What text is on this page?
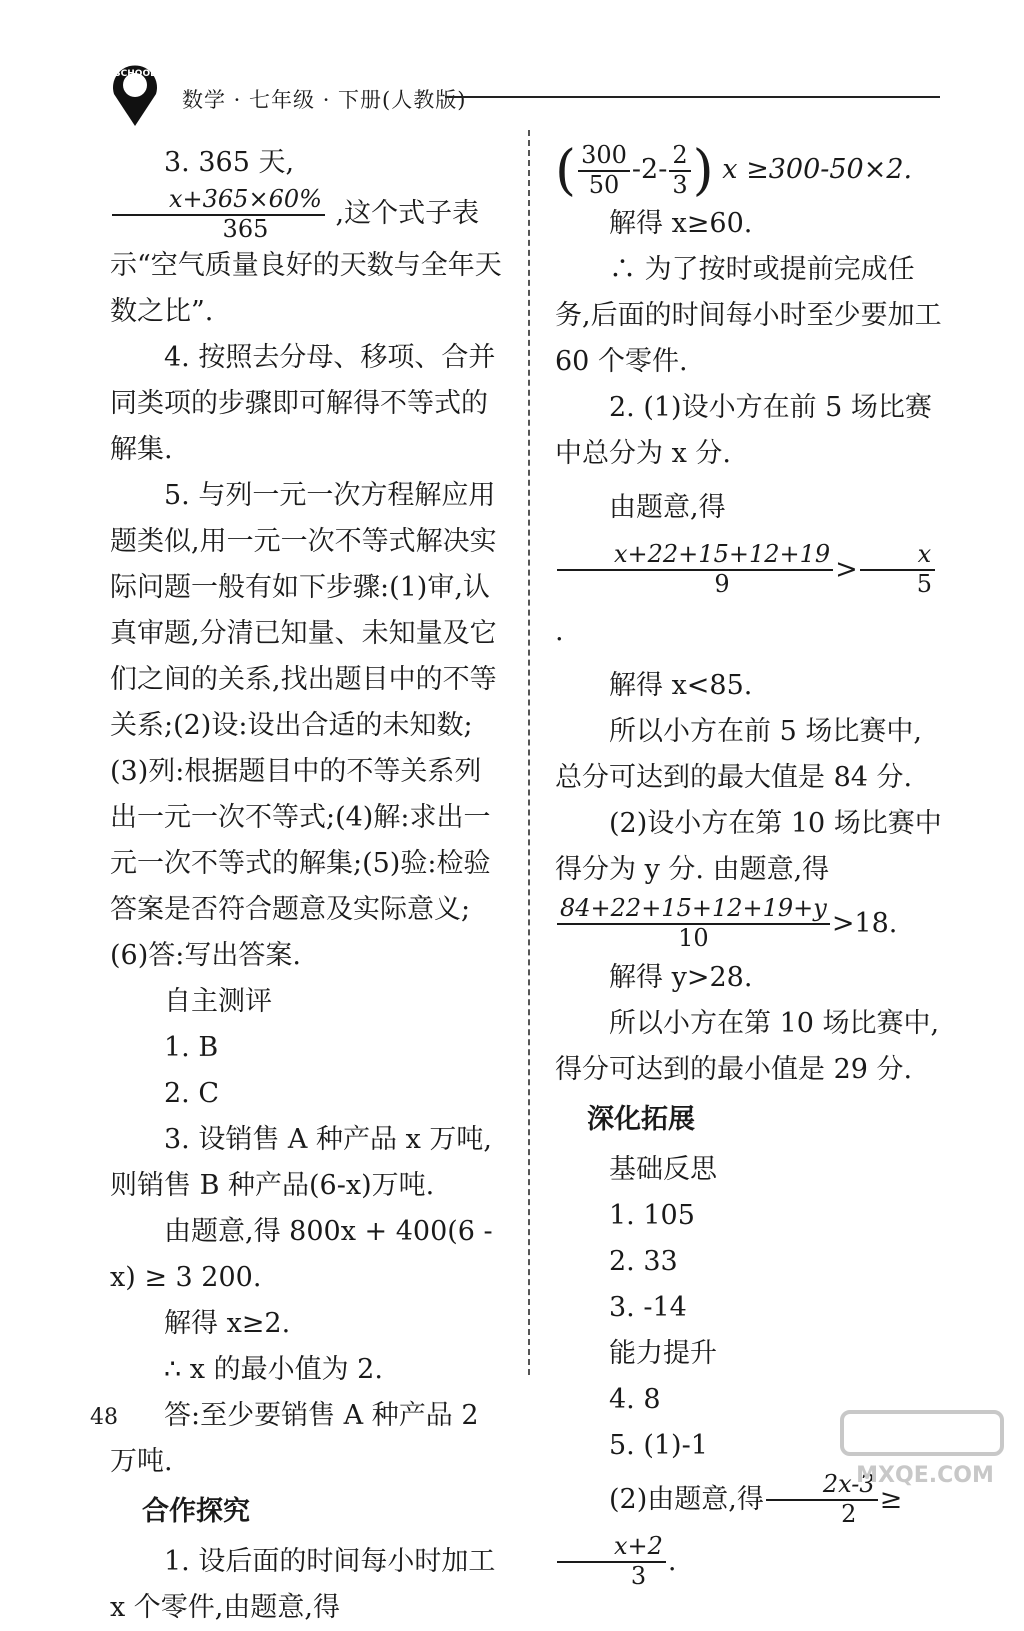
SCHOOL
数学 · 七年级 · 下册(人教版)

3. 365 天,
$\frac{x+365\times 60\%}{365}$ ,这个式子表示“空气质量良好的天数与全年天数之比”.

4. 按照去分母、移项、合并同类项的步骤即可解得不等式的解集.

5. 与列一元一次方程解应用题类似,用一元一次不等式解决实际问题一般有如下步骤:(1)审,认真审题,分清已知量、未知量及它们之间的关系,找出题目中的不等关系;(2)设:设出合适的未知数;(3)列:根据题目中的不等关系列出一元一次不等式;(4)解:求出一元一次不等式的解集;(5)验:检验答案是否符合题意及实际意义;(6)答:写出答案.

自主测评

1. B

2. C

3. 设销售 A 种产品 x 万吨,则销售 B 种产品(6-x)万吨.

由题意,得 800x + 400(6 - x) ≥ 3 200.

解得 x≥2.

∴ x 的最小值为 2.

答:至少要销售 A 种产品 2 万吨.

合作探究

1. 设后面的时间每小时加工 x 个零件,由题意,得

( $\frac{300}{50} -2- \frac{2}{3}$ ) x ≥300-50×2.

解得 x≥60.

∴ 为了按时或提前完成任务,后面的时间每小时至少要加工 60 个零件.

2. (1)设小方在前 5 场比赛中总分为 x 分.

由题意,得
$\frac{x+22+15+12+19}{9} > \frac{x}{5}$
.

解得 x<85.

所以小方在前 5 场比赛中,总分可达到的最大值是 84 分.

(2)设小方在第 10 场比赛中得分为 y 分. 由题意,得

$\frac{84+22+15+12+19+y}{10} >18$.

解得 y>28.

所以小方在第 10 场比赛中,得分可达到的最小值是 29 分.

深化拓展
基础反思

1. 105

2. 33

3. -14

能力提升

4. 8

5. (1)-1

(2)由题意,得 $\frac{2x-3}{2}$ ≥
$\frac{x+2}{3}$ .

48
MXQE.COM
